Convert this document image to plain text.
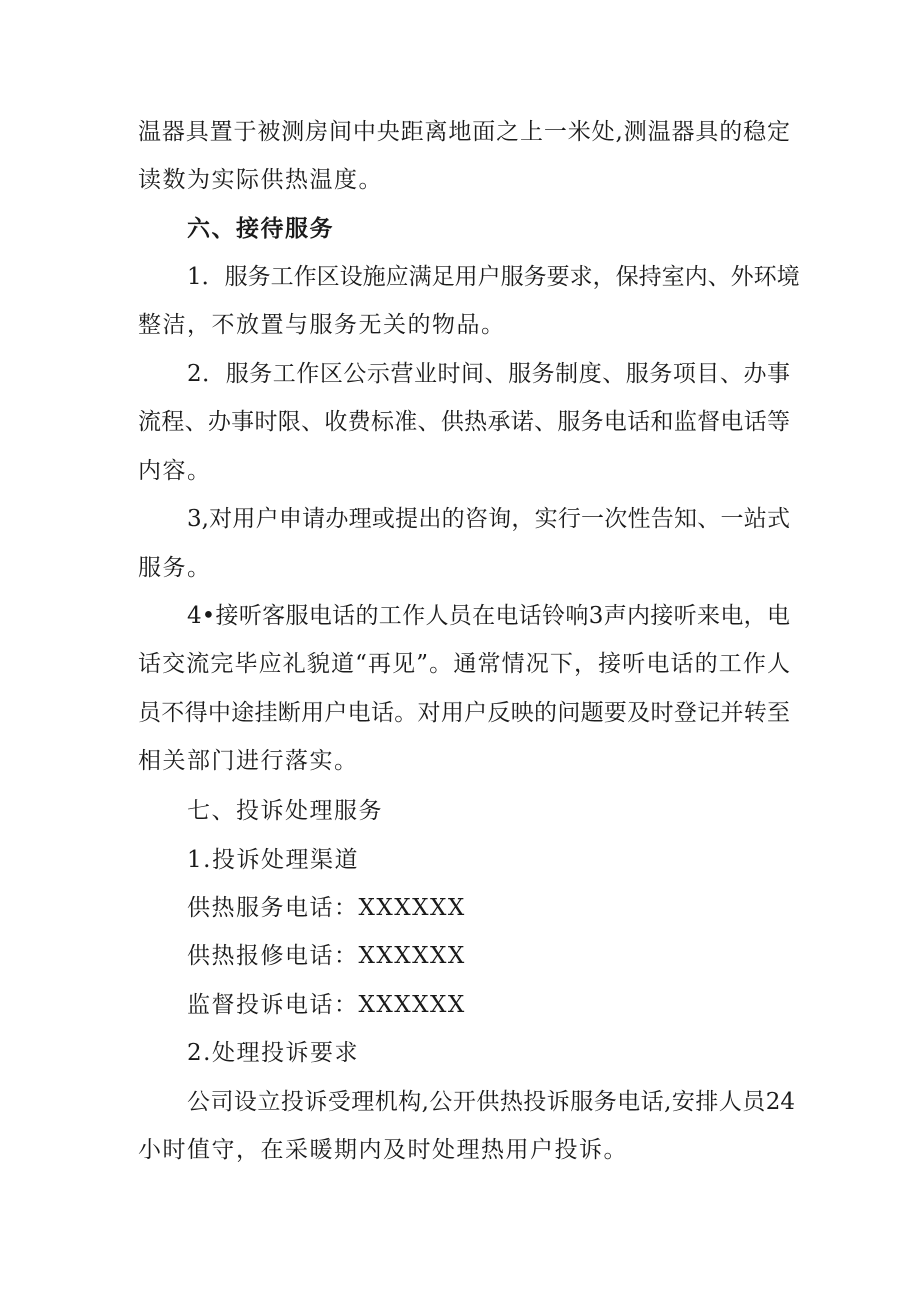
温器具置于被测房间中央距离地面之上一米处,测温器具的稳定

读数为实际供热温度。

六、接待服务

1．服务工作区设施应满足用户服务要求，保持室内、外环境

整洁，不放置与服务无关的物品。

2．服务工作区公示营业时间、服务制度、服务项目、办事

流程、办事时限、收费标准、供热承诺、服务电话和监督电话等

内容。

3,对用户申请办理或提出的咨询，实行一次性告知、一站式

服务。

4•接听客服电话的工作人员在电话铃响3声内接听来电，电

话交流完毕应礼貌道“再见”。通常情况下，接听电话的工作人

员不得中途挂断用户电话。对用户反映的问题要及时登记并转至

相关部门进行落实。

七、投诉处理服务

1.投诉处理渠道

供热服务电话：XXXXXX

供热报修电话：XXXXXX

监督投诉电话：XXXXXX

2.处理投诉要求

公司设立投诉受理机构,公开供热投诉服务电话,安排人员24

小时值守，在采暖期内及时处理热用户投诉。
